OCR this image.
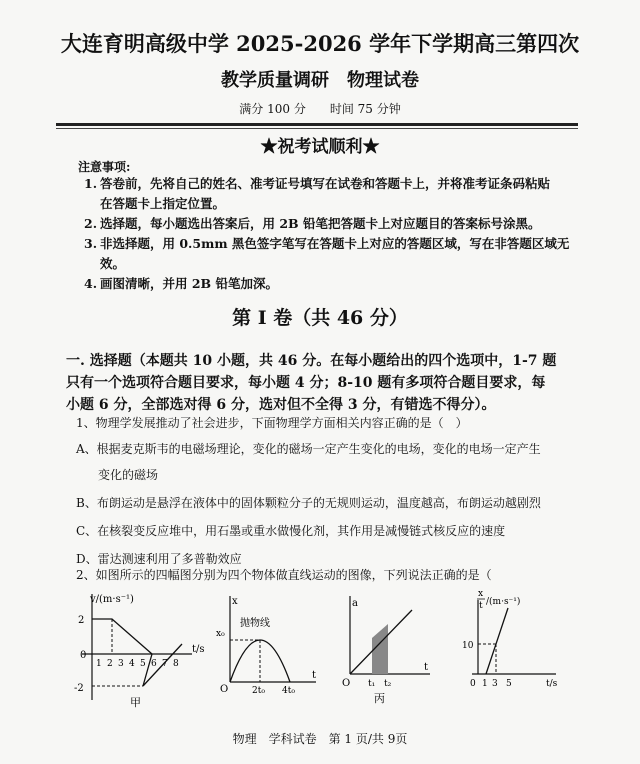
大连育明高级中学 2025-2026 学年下学期高三第四次
教学质量调研　物理试卷
满分 100 分　　时间 75 分钟
★祝考试顺利★
注意事项:
1. 答卷前，先将自己的姓名、准考证号填写在试卷和答题卡上，并将准考证条码粘贴
在答题卡上指定位置。
2. 选择题，每小题选出答案后，用 2B 铅笔把答题卡上对应题目的答案标号涂黑。
3. 非选择题，用 0.5mm 黑色签字笔写在答题卡上对应的答题区域，写在非答题区域无
效。
4. 画图清晰，并用 2B 铅笔加深。
第 I 卷（共 46 分）
一. 选择题（本题共 10 小题，共 46 分。在每小题给出的四个选项中，1-7 题
只有一个选项符合题目要求，每小题 4 分；8-10 题有多项符合题目要求，每
小题 6 分，全部选对得 6 分，选对但不全得 3 分，有错选不得分）。
1、物理学发展推动了社会进步，下面物理学方面相关内容正确的是（　）
A、根据麦克斯韦的电磁场理论，变化的磁场一定产生变化的电场，变化的电场一定产生
变化的磁场
B、布朗运动是悬浮在液体中的固体颗粒分子的无规则运动，温度越高，布朗运动越剧烈
C、在核裂变反应堆中，用石墨或重水做慢化剂，其作用是减慢链式核反应的速度
D、雷达测速利用了多普勒效应
2、如图所示的四幅图分别为四个物体做直线运动的图像，下列说法正确的是（
v/(m·s⁻¹)
t/s
2
0
-2
1 2 3 4 5 6 7 8
甲
x
t
O
x₀
抛物线
2t₀ 4t₀
a
t
O t₁ t₂
丙
x
t /(m·s⁻¹)
t/s
10
0 1 3 5
物理　学科试卷　第 1 页/共 9页
